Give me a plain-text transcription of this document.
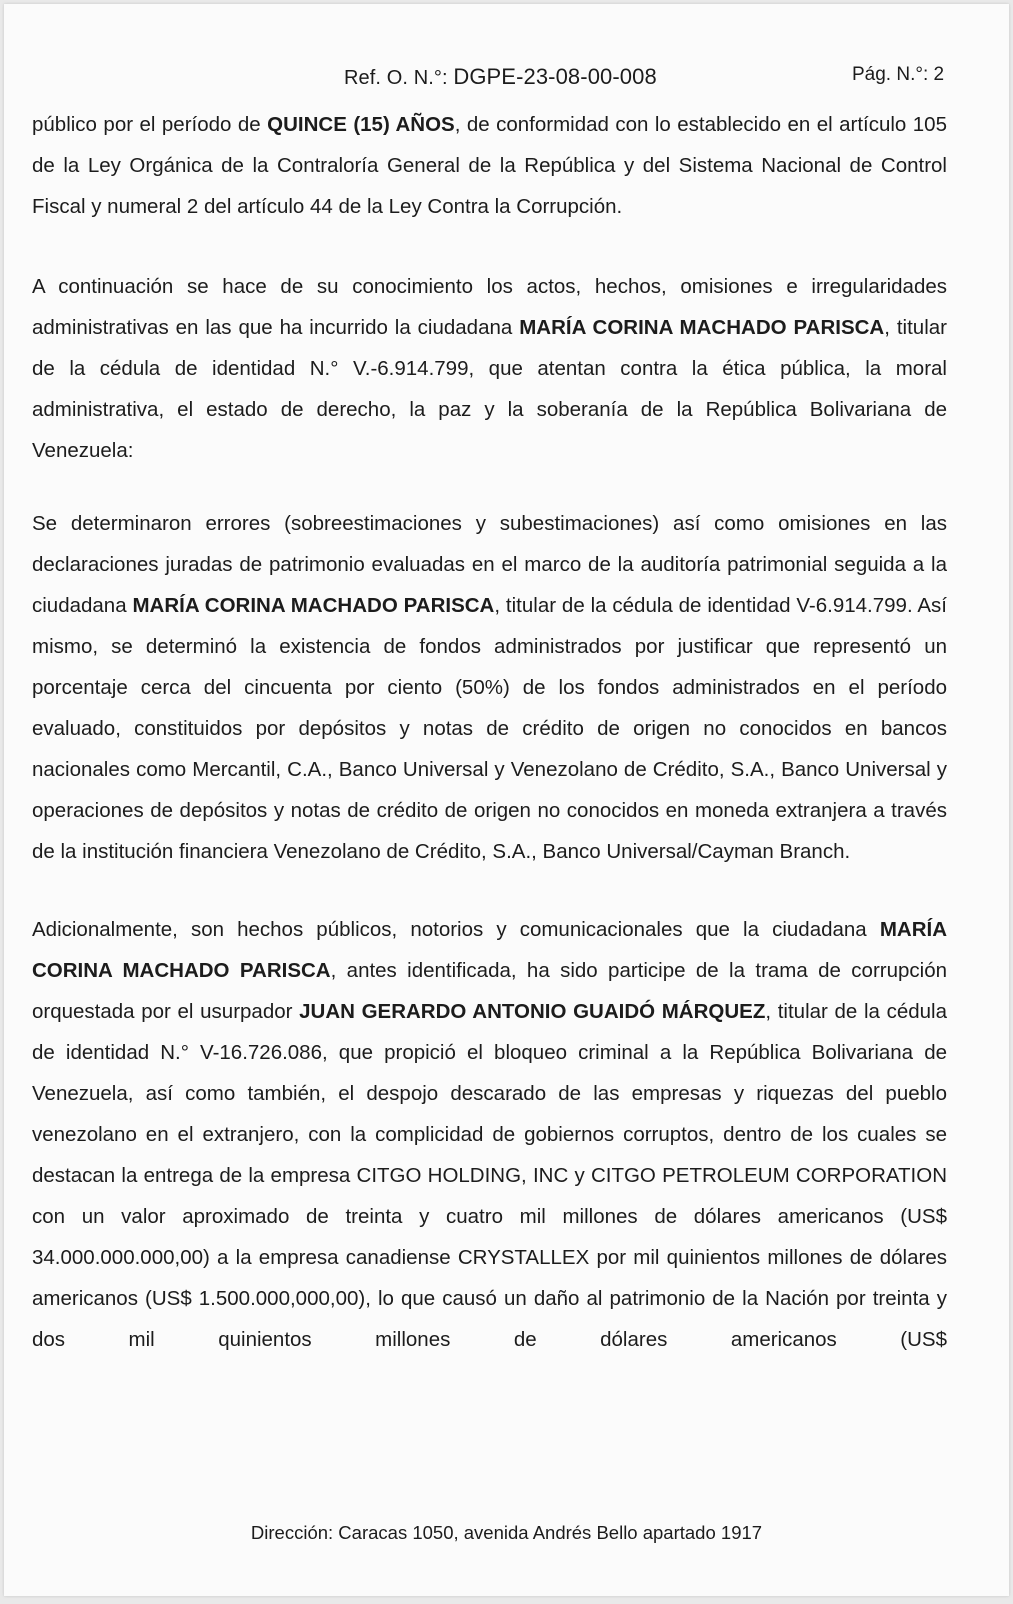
Ref. O. N.°: DGPE-23-08-00-008	Pág. N.°: 2
público por el período de QUINCE (15) AÑOS, de conformidad con lo establecido en el artículo 105 de la Ley Orgánica de la Contraloría General de la República y del Sistema Nacional de Control Fiscal y numeral 2 del artículo 44 de la Ley Contra la Corrupción.
A continuación se hace de su conocimiento los actos, hechos, omisiones e irregularidades administrativas en las que ha incurrido la ciudadana MARÍA CORINA MACHADO PARISCA, titular de la cédula de identidad N.° V.-6.914.799, que atentan contra la ética pública, la moral administrativa, el estado de derecho, la paz y la soberanía de la República Bolivariana de Venezuela:
Se determinaron errores (sobreestimaciones y subestimaciones) así como omisiones en las declaraciones juradas de patrimonio evaluadas en el marco de la auditoría patrimonial seguida a la ciudadana MARÍA CORINA MACHADO PARISCA, titular de la cédula de identidad V-6.914.799. Así mismo, se determinó la existencia de fondos administrados por justificar que representó un porcentaje cerca del cincuenta por ciento (50%) de los fondos administrados en el período evaluado, constituidos por depósitos y notas de crédito de origen no conocidos en bancos nacionales como Mercantil, C.A., Banco Universal y Venezolano de Crédito, S.A., Banco Universal y operaciones de depósitos y notas de crédito de origen no conocidos en moneda extranjera a través de la institución financiera Venezolano de Crédito, S.A., Banco Universal/Cayman Branch.
Adicionalmente, son hechos públicos, notorios y comunicacionales que la ciudadana MARÍA CORINA MACHADO PARISCA, antes identificada, ha sido participe de la trama de corrupción orquestada por el usurpador JUAN GERARDO ANTONIO GUAIDÓ MÁRQUEZ, titular de la cédula de identidad N.° V-16.726.086, que propició el bloqueo criminal a la República Bolivariana de Venezuela, así como también, el despojo descarado de las empresas y riquezas del pueblo venezolano en el extranjero, con la complicidad de gobiernos corruptos, dentro de los cuales se destacan la entrega de la empresa CITGO HOLDING, INC y CITGO PETROLEUM CORPORATION con un valor aproximado de treinta y cuatro mil millones de dólares americanos (US$ 34.000.000.000,00) a la empresa canadiense CRYSTALLEX por mil quinientos millones de dólares americanos (US$ 1.500.000,000,00), lo que causó un daño al patrimonio de la Nación por treinta y dos mil quinientos millones de dólares americanos (US$
Dirección: Caracas 1050, avenida Andrés Bello apartado 1917
